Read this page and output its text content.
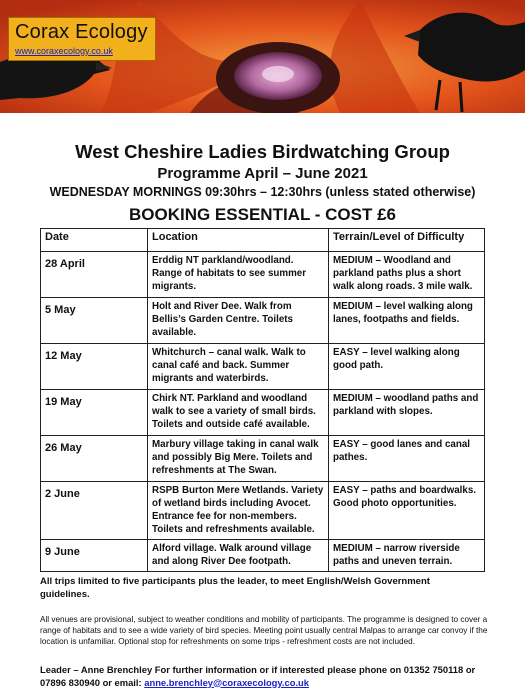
Corax Ecology
www.coraxecology.co.uk
West Cheshire Ladies Birdwatching Group
Programme April – June 2021
WEDNESDAY MORNINGS 09:30hrs – 12:30hrs (unless stated otherwise)
BOOKING ESSENTIAL - COST £6
Date	Location	Terrain/Level of Difficulty
28 April	Erddig NT parkland/woodland. Range of habitats to see summer migrants.	MEDIUM – Woodland and parkland paths plus a short walk along roads. 3 mile walk.
5 May	Holt and River Dee. Walk from Bellis’s Garden Centre. Toilets available.	MEDIUM – level walking along lanes, footpaths and fields.
12 May	Whitchurch – canal walk. Walk to canal café and back. Summer migrants and waterbirds.	EASY – level walking along good path.
19 May	Chirk NT. Parkland and woodland walk to see a variety of small birds. Toilets and outside café available.	MEDIUM – woodland paths and parkland with slopes.
26 May	Marbury village taking in canal walk and possibly Big Mere. Toilets and refreshments at The Swan.	EASY – good lanes and canal pathes.
2 June	RSPB Burton Mere Wetlands. Variety of wetland birds including Avocet. Entrance fee for non-members. Toilets and refreshments available.	EASY – paths and boardwalks. Good photo opportunities.
9 June	Alford village. Walk around village and along River Dee footpath.	MEDIUM – narrow riverside paths and uneven terrain.
All trips limited to five participants plus the leader, to meet English/Welsh Government guidelines.
All venues are provisional, subject to weather conditions and mobility of participants. The programme is designed to cover a range of habitats and to see a wide variety of bird species. Meeting point usually central Malpas to arrange car convoy if the location is unfamiliar. Optional stop for refreshments on some trips - refreshment costs are not included.
Leader – Anne Brenchley For further information or if interested please phone on 01352 750118 or 07896 830940 or email: anne.brenchley@coraxecology.co.uk
